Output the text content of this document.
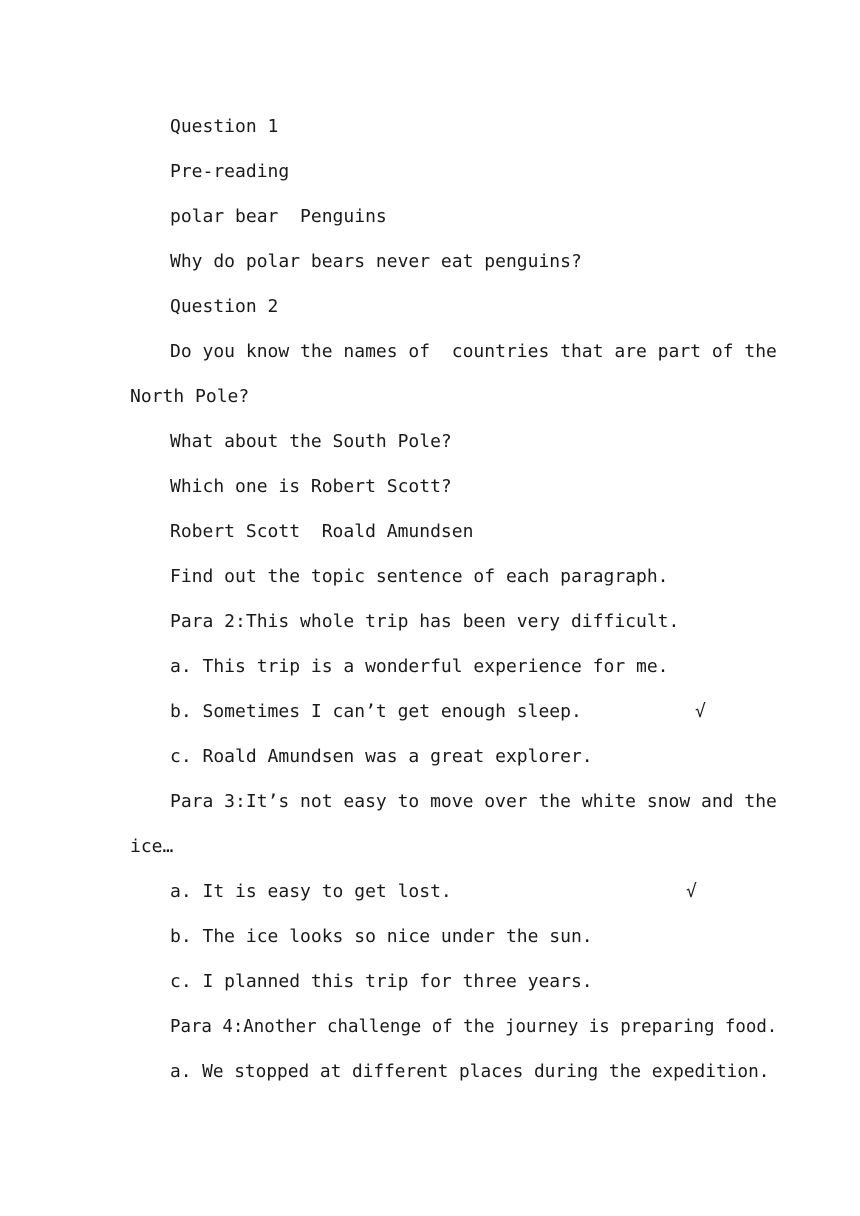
Question 1
Pre-reading
polar bear  Penguins
Why do polar bears never eat penguins?
Question 2
Do you know the names of  countries that are part of the
North Pole?
What about the South Pole?
Which one is Robert Scott?
Robert Scott  Roald Amundsen
Find out the topic sentence of each paragraph.
Para 2:This whole trip has been very difficult.
a. This trip is a wonderful experience for me.
b. Sometimes I can’t get enough sleep.	√
c. Roald Amundsen was a great explorer.
Para 3:It’s not easy to move over the white snow and the
ice…
a. It is easy to get lost.	√
b. The ice looks so nice under the sun.
c. I planned this trip for three years.
Para 4:Another challenge of the journey is preparing food.
a. We stopped at different places during the expedition.
